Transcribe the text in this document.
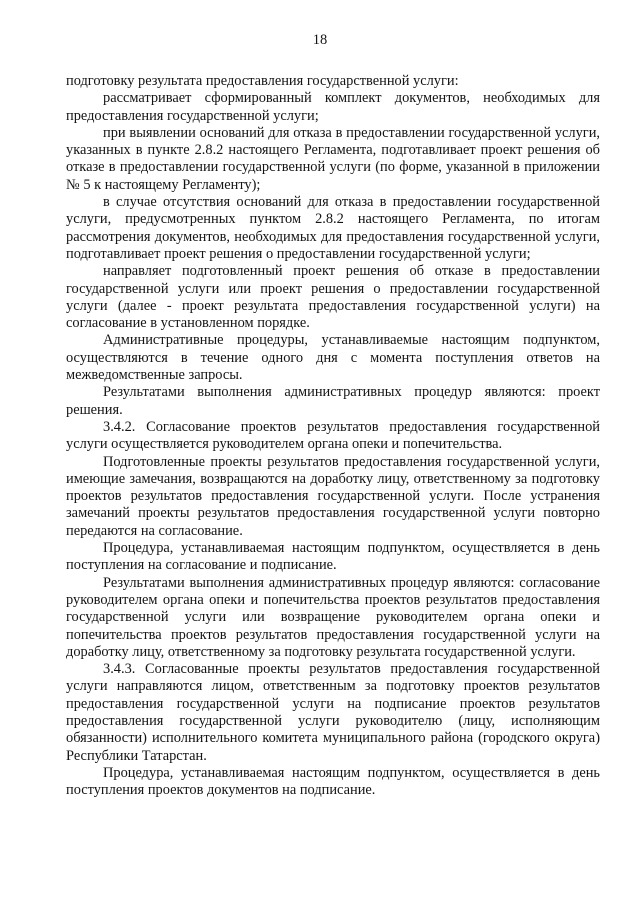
18

подготовку результата предоставления государственной услуги:

рассматривает сформированный комплект документов, необходимых для предоставления государственной услуги;

при выявлении оснований для отказа в предоставлении государственной услуги, указанных в пункте 2.8.2 настоящего Регламента, подготавливает проект решения об отказе в предоставлении государственной услуги (по форме, указанной в приложении № 5 к настоящему Регламенту);

в случае отсутствия оснований для отказа в предоставлении государственной услуги, предусмотренных пунктом 2.8.2 настоящего Регламента, по итогам рассмотрения документов, необходимых для предоставления государственной услуги, подготавливает проект решения о предоставлении государственной услуги;

направляет подготовленный проект решения об отказе в предоставлении государственной услуги или проект решения о предоставлении государственной услуги (далее - проект результата предоставления государственной услуги) на согласование в установленном порядке.

Административные процедуры, устанавливаемые настоящим подпунктом, осуществляются в течение одного дня с момента поступления ответов на межведомственные запросы.

Результатами выполнения административных процедур являются: проект решения.

3.4.2. Согласование проектов результатов предоставления государственной услуги осуществляется руководителем органа опеки и попечительства.

Подготовленные проекты результатов предоставления государственной услуги, имеющие замечания, возвращаются на доработку лицу, ответственному за подготовку проектов результатов предоставления государственной услуги. После устранения замечаний проекты результатов предоставления государственной услуги повторно передаются на согласование.

Процедура, устанавливаемая настоящим подпунктом, осуществляется в день поступления на согласование и подписание.

Результатами выполнения административных процедур являются: согласование руководителем органа опеки и попечительства проектов результатов предоставления государственной услуги или возвращение руководителем органа опеки и попечительства проектов результатов предоставления государственной услуги на доработку лицу, ответственному за подготовку результата государственной услуги.

3.4.3. Согласованные проекты результатов предоставления государственной услуги направляются лицом, ответственным за подготовку проектов результатов предоставления государственной услуги на подписание проектов результатов предоставления государственной услуги руководителю (лицу, исполняющим обязанности) исполнительного комитета муниципального района (городского округа) Республики Татарстан.

Процедура, устанавливаемая настоящим подпунктом, осуществляется в день поступления проектов документов на подписание.
